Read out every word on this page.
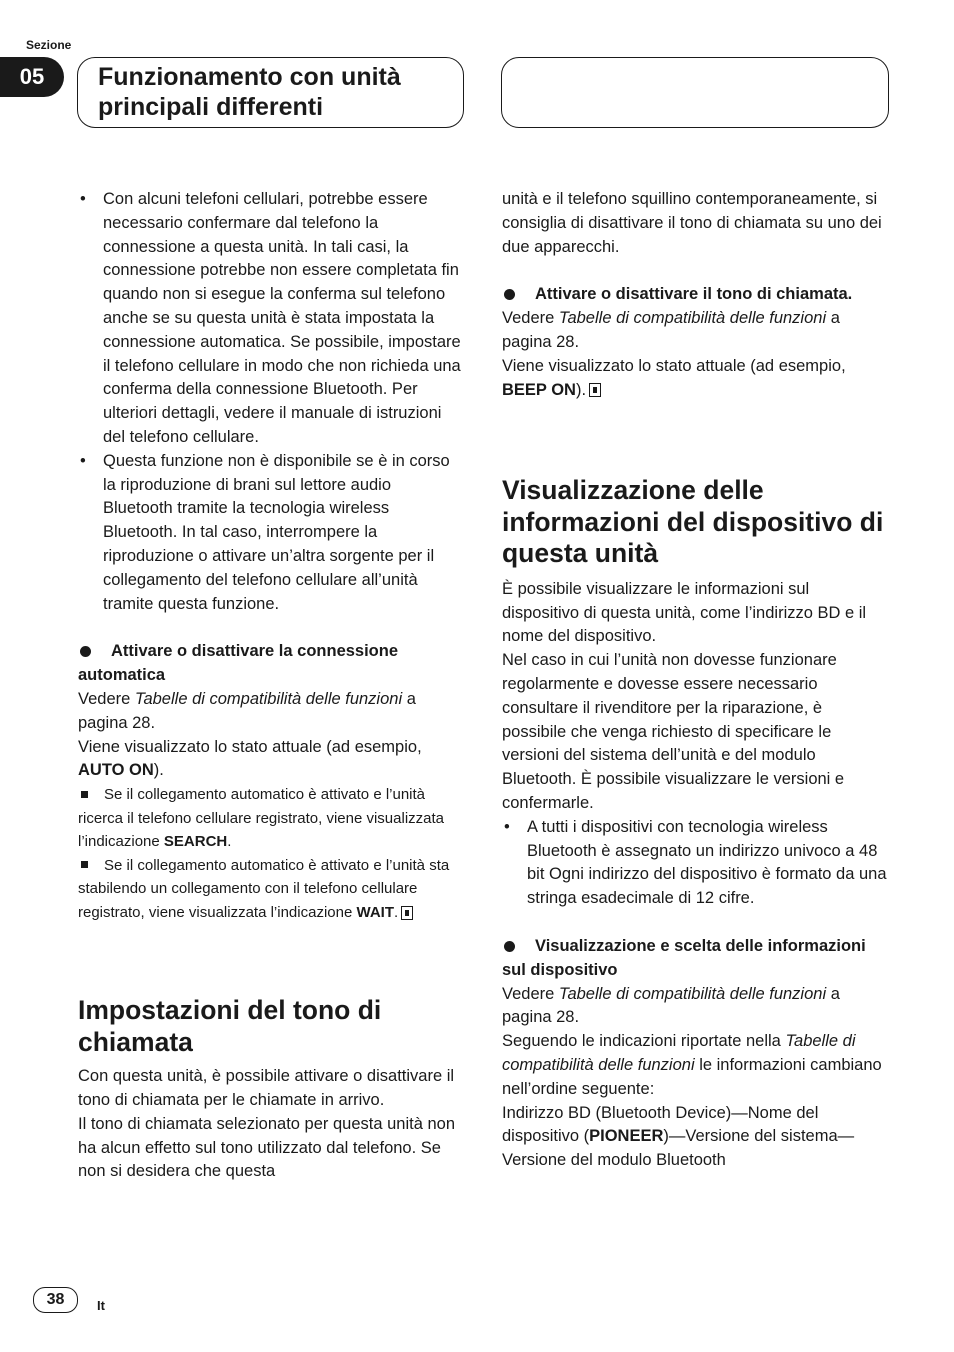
Sezione
05	Funzionamento con unità
principali differenti
• Con alcuni telefoni cellulari, potrebbe essere necessario confermare dal telefono la connessione a questa unità. In tali casi, la connessione potrebbe non essere completata fin quando non si esegue la conferma sul telefono anche se su questa unità è stata impostata la connessione automatica. Se possibile, impostare il telefono cellulare in modo che non richieda una conferma della connessione Bluetooth. Per ulteriori dettagli, vedere il manuale di istruzioni del telefono cellulare.
• Questa funzione non è disponibile se è in corso la riproduzione di brani sul lettore audio Bluetooth tramite la tecnologia wireless Bluetooth. In tal caso, interrompere la riproduzione o attivare un’altra sorgente per il collegamento del telefono cellulare all’unità tramite questa funzione.

Attivare o disattivare la connessione automatica

Vedere Tabelle di compatibilità delle funzioni a pagina 28.

Viene visualizzato lo stato attuale (ad esempio, AUTO ON).

Se il collegamento automatico è attivato e l’unità ricerca il telefono cellulare registrato, viene visualizzata l’indicazione SEARCH.

Se il collegamento automatico è attivato e l’unità sta stabilendo un collegamento con il telefono cellulare registrato, viene visualizzata l’indicazione WAIT.

Impostazioni del tono di chiamata

Con questa unità, è possibile attivare o disattivare il tono di chiamata per le chiamate in arrivo.

Il tono di chiamata selezionato per questa unità non ha alcun effetto sul tono utilizzato dal telefono. Se non si desidera che questa

unità e il telefono squillino contemporaneamente, si consiglia di disattivare il tono di chiamata su uno dei due apparecchi.

Attivare o disattivare il tono di chiamata.

Vedere Tabelle di compatibilità delle funzioni a pagina 28.

Viene visualizzato lo stato attuale (ad esempio, BEEP ON).

Visualizzazione delle informazioni del dispositivo di questa unità

È possibile visualizzare le informazioni sul dispositivo di questa unità, come l’indirizzo BD e il nome del dispositivo.

Nel caso in cui l’unità non dovesse funzionare regolarmente e dovesse essere necessario consultare il rivenditore per la riparazione, è possibile che venga richiesto di specificare le versioni del sistema dell’unità e del modulo Bluetooth. È possibile visualizzare le versioni e confermarle.

• A tutti i dispositivi con tecnologia wireless Bluetooth è assegnato un indirizzo univoco a 48 bit Ogni indirizzo del dispositivo è formato da una stringa esadecimale di 12 cifre.

Visualizzazione e scelta delle informazioni sul dispositivo

Vedere Tabelle di compatibilità delle funzioni a pagina 28.

Seguendo le indicazioni riportate nella Tabelle di compatibilità delle funzioni le informazioni cambiano nell’ordine seguente:

Indirizzo BD (Bluetooth Device)—Nome del dispositivo (PIONEER)—Versione del sistema—Versione del modulo Bluetooth

38	It
